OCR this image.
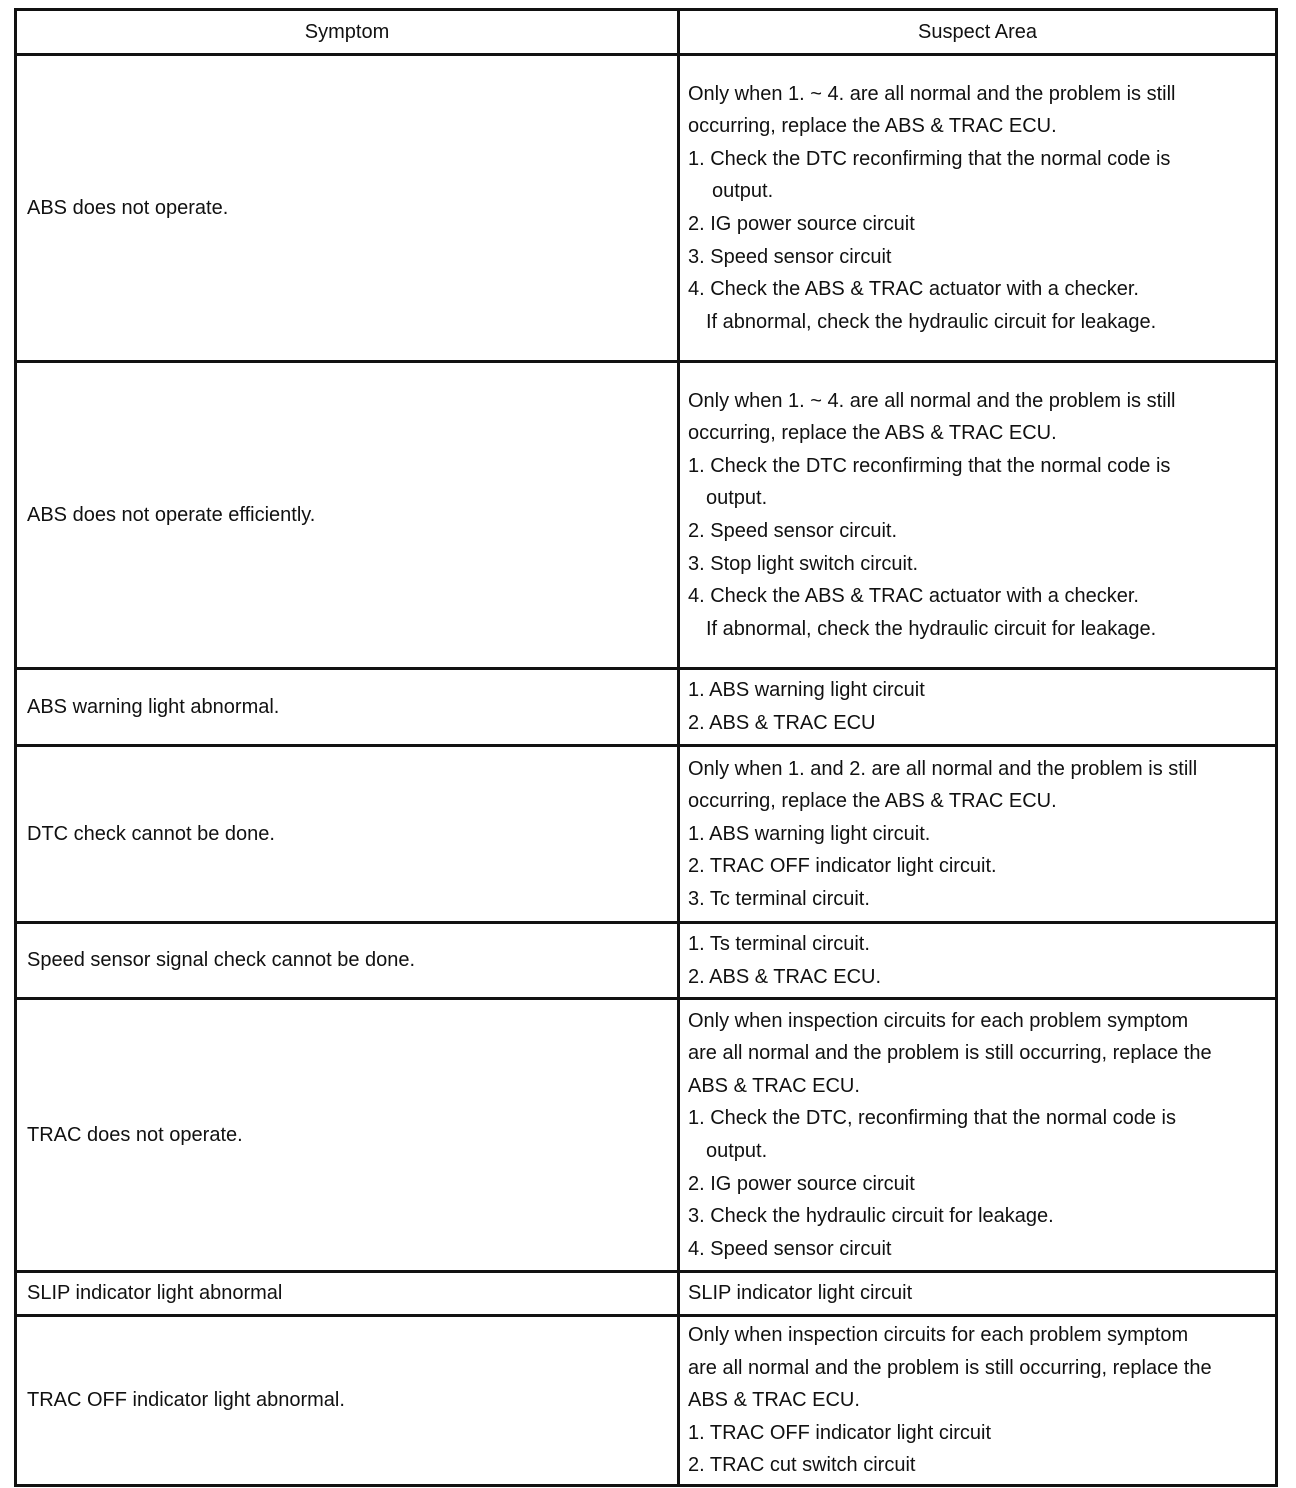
Symptom	Suspect Area
ABS does not operate.
Only when 1. ~ 4. are all normal and the problem is still
occurring, replace the ABS & TRAC ECU.
1. Check the DTC reconfirming that the normal code is
output.
2. IG power source circuit
3. Speed sensor circuit
4. Check the ABS & TRAC actuator with a checker.
If abnormal, check the hydraulic circuit for leakage.
ABS does not operate efficiently.
Only when 1. ~ 4. are all normal and the problem is still
occurring, replace the ABS & TRAC ECU.
1. Check the DTC reconfirming that the normal code is
output.
2. Speed sensor circuit.
3. Stop light switch circuit.
4. Check the ABS & TRAC actuator with a checker.
If abnormal, check the hydraulic circuit for leakage.
ABS warning light abnormal.
1. ABS warning light circuit
2. ABS & TRAC ECU
DTC check cannot be done.
Only when 1. and 2. are all normal and the problem is still
occurring, replace the ABS & TRAC ECU.
1. ABS warning light circuit.
2. TRAC OFF indicator light circuit.
3. Tc terminal circuit.
Speed sensor signal check cannot be done.
1. Ts terminal circuit.
2. ABS & TRAC ECU.
TRAC does not operate.
Only when inspection circuits for each problem symptom
are all normal and the problem is still occurring, replace the
ABS & TRAC ECU.
1. Check the DTC, reconfirming that the normal code is
output.
2. IG power source circuit
3. Check the hydraulic circuit for leakage.
4. Speed sensor circuit
SLIP indicator light abnormal	SLIP indicator light circuit
TRAC OFF indicator light abnormal.
Only when inspection circuits for each problem symptom
are all normal and the problem is still occurring, replace the
ABS & TRAC ECU.
1. TRAC OFF indicator light circuit
2. TRAC cut switch circuit
